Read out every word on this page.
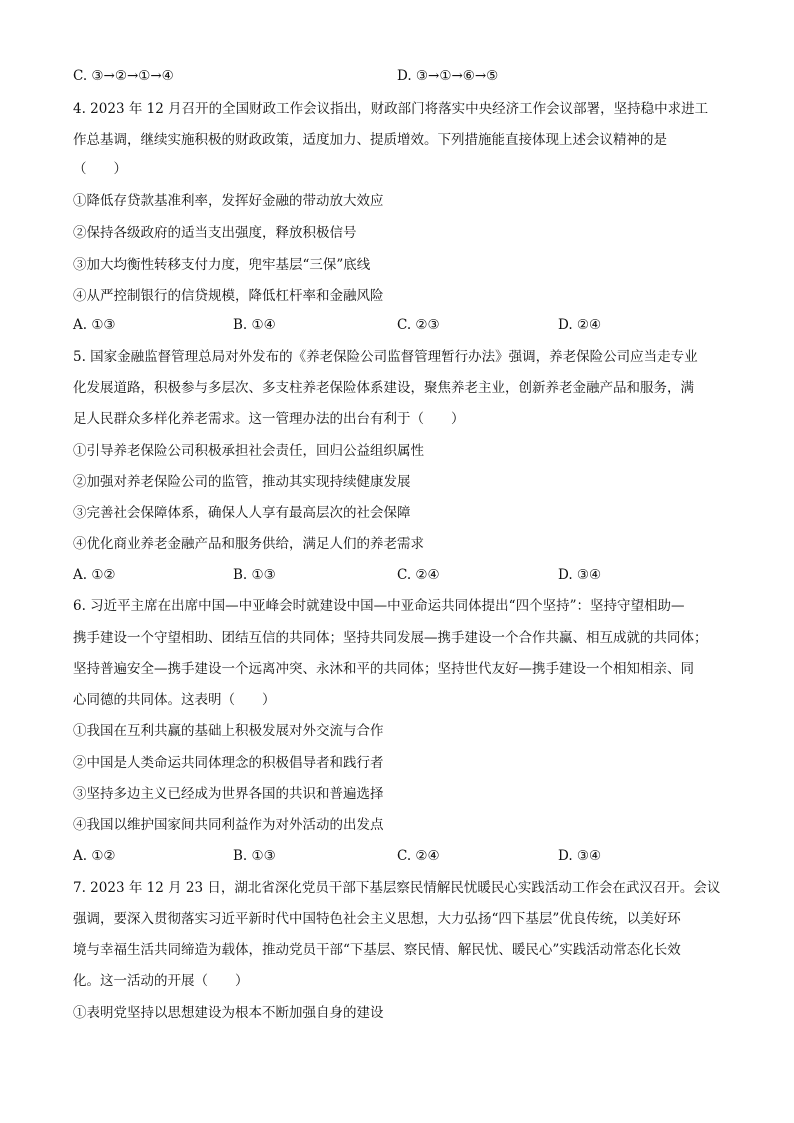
C. ③→②→①→④	D. ③→①→⑥→⑤
4. 2023 年 12 月召开的全国财政工作会议指出，财政部门将落实中央经济工作会议部署，坚持稳中求进工
作总基调，继续实施积极的财政政策，适度加力、提质增效。下列措施能直接体现上述会议精神的是
（　　）
①降低存贷款基准利率，发挥好金融的带动放大效应
②保持各级政府的适当支出强度，释放积极信号
③加大均衡性转移支付力度，兜牢基层“三保”底线
④从严控制银行的信贷规模，降低杠杆率和金融风险
A. ①③	B. ①④	C. ②③	D. ②④
5. 国家金融监督管理总局对外发布的《养老保险公司监督管理暂行办法》强调，养老保险公司应当走专业
化发展道路，积极参与多层次、多支柱养老保险体系建设，聚焦养老主业，创新养老金融产品和服务，满
足人民群众多样化养老需求。这一管理办法的出台有利于（　　）
①引导养老保险公司积极承担社会责任，回归公益组织属性
②加强对养老保险公司的监管，推动其实现持续健康发展
③完善社会保障体系，确保人人享有最高层次的社会保障
④优化商业养老金融产品和服务供给，满足人们的养老需求
A. ①②	B. ①③	C. ②④	D. ③④
6. 习近平主席在出席中国—中亚峰会时就建设中国—中亚命运共同体提出“四个坚持”：坚持守望相助—
携手建设一个守望相助、团结互信的共同体；坚持共同发展—携手建设一个合作共赢、相互成就的共同体；
坚持普遍安全—携手建设一个远离冲突、永沐和平的共同体；坚持世代友好—携手建设一个相知相亲、同
心同德的共同体。这表明（　　）
①我国在互利共赢的基础上积极发展对外交流与合作
②中国是人类命运共同体理念的积极倡导者和践行者
③坚持多边主义已经成为世界各国的共识和普遍选择
④我国以维护国家间共同利益作为对外活动的出发点
A. ①②	B. ①③	C. ②④	D. ③④
7. 2023 年 12 月 23 日，湖北省深化党员干部下基层察民情解民忧暖民心实践活动工作会在武汉召开。会议
强调，要深入贯彻落实习近平新时代中国特色社会主义思想，大力弘扬“四下基层”优良传统，以美好环
境与幸福生活共同缔造为载体，推动党员干部“下基层、察民情、解民忧、暖民心”实践活动常态化长效
化。这一活动的开展（　　）
①表明党坚持以思想建设为根本不断加强自身的建设
